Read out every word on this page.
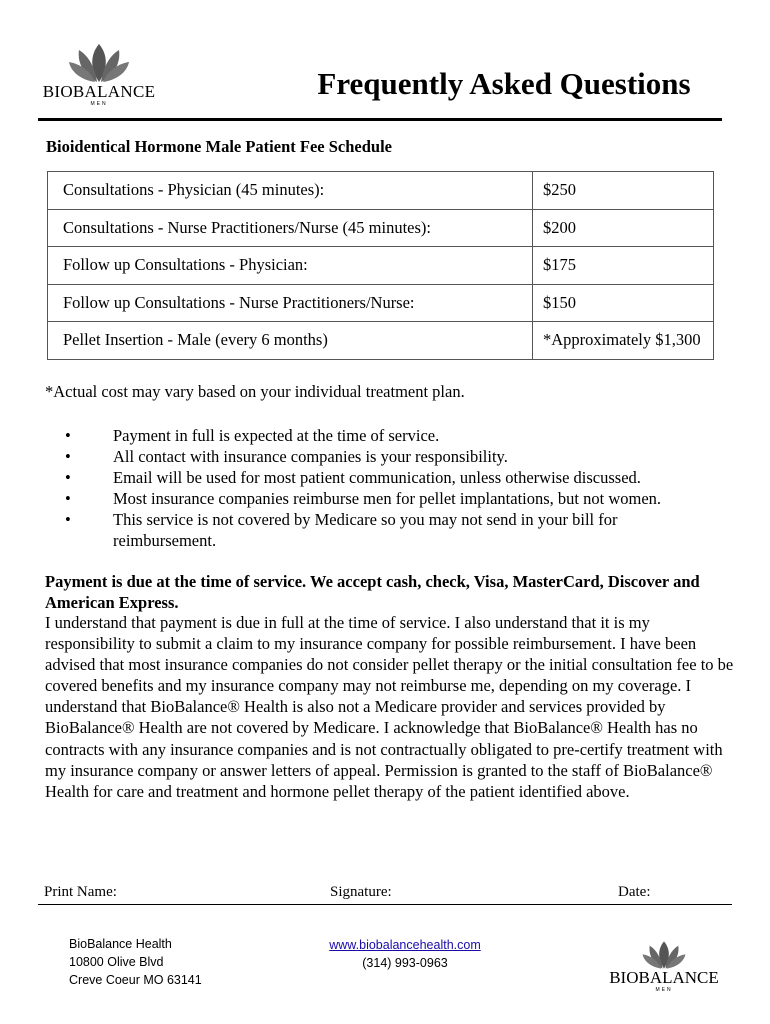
BIOBALANCE
MEN
Frequently Asked Questions
Bioidentical Hormone Male Patient Fee Schedule
Consultations - Physician (45 minutes):	$250
Consultations - Nurse Practitioners/Nurse (45 minutes):	$200
Follow up Consultations - Physician:	$175
Follow up Consultations - Nurse Practitioners/Nurse:	$150
Pellet Insertion - Male (every 6 months)	*Approximately $1,300
*Actual cost may vary based on your individual treatment plan.
•	Payment in full is expected at the time of service.
•	All contact with insurance companies is your responsibility.
•	Email will be used for most patient communication, unless otherwise discussed.
•	Most insurance companies reimburse men for pellet implantations, but not women.
•	This service is not covered by Medicare so you may not send in your bill for reimbursement.
Payment is due at the time of service. We accept cash, check, Visa, MasterCard, Discover and American Express.
I understand that payment is due in full at the time of service. I also understand that it is my responsibility to submit a claim to my insurance company for possible reimbursement. I have been advised that most insurance companies do not consider pellet therapy or the initial consultation fee to be covered benefits and my insurance company may not reimburse me, depending on my coverage. I understand that BioBalance® Health is also not a Medicare provider and services provided by BioBalance® Health are not covered by Medicare. I acknowledge that BioBalance® Health has no contracts with any insurance companies and is not contractually obligated to pre-certify treatment with my insurance company or answer letters of appeal. Permission is granted to the staff of BioBalance® Health for care and treatment and hormone pellet therapy of the patient identified above.
Print Name:	Signature:	Date:
BioBalance Health
10800 Olive Blvd
Creve Coeur MO 63141
www.biobalancehealth.com
(314) 993-0963
BIOBALANCE
MEN
